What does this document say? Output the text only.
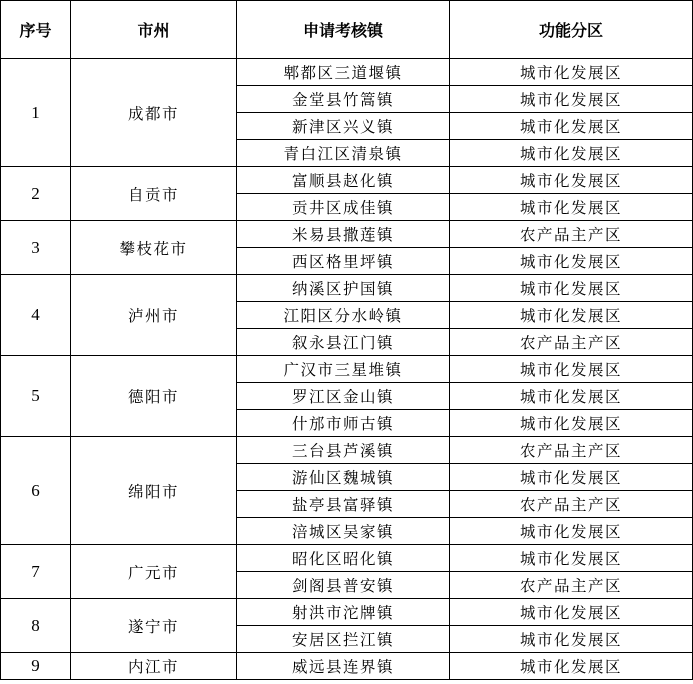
序号	市州	申请考核镇	功能分区
1	成都市	郫都区三道堰镇	城市化发展区
		金堂县竹篙镇	城市化发展区
		新津区兴义镇	城市化发展区
		青白江区清泉镇	城市化发展区
2	自贡市	富顺县赵化镇	城市化发展区
		贡井区成佳镇	城市化发展区
3	攀枝花市	米易县撒莲镇	农产品主产区
		西区格里坪镇	城市化发展区
4	泸州市	纳溪区护国镇	城市化发展区
		江阳区分水岭镇	城市化发展区
		叙永县江门镇	农产品主产区
5	德阳市	广汉市三星堆镇	城市化发展区
		罗江区金山镇	城市化发展区
		什邡市师古镇	城市化发展区
6	绵阳市	三台县芦溪镇	农产品主产区
		游仙区魏城镇	城市化发展区
		盐亭县富驿镇	农产品主产区
		涪城区吴家镇	城市化发展区
7	广元市	昭化区昭化镇	城市化发展区
		剑阁县普安镇	农产品主产区
8	遂宁市	射洪市沱牌镇	城市化发展区
		安居区拦江镇	城市化发展区
9	内江市	威远县连界镇	城市化发展区
